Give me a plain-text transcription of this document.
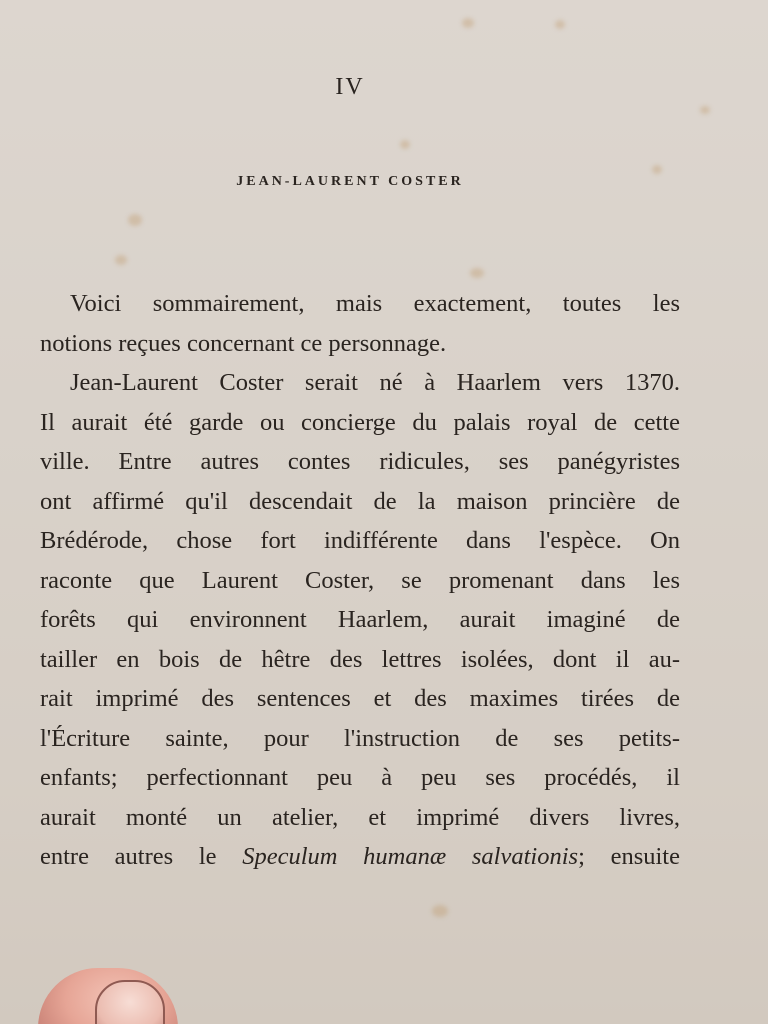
IV
JEAN-LAURENT COSTER
Voici sommairement, mais exactement, toutes les
notions reçues concernant ce personnage.
Jean-Laurent Coster serait né à Haarlem vers 1370.
Il aurait été garde ou concierge du palais royal de cette
ville. Entre autres contes ridicules, ses panégyristes
ont affirmé qu'il descendait de la maison princière de
Brédérode, chose fort indifférente dans l'espèce. On
raconte que Laurent Coster, se promenant dans les
forêts qui environnent Haarlem, aurait imaginé de
tailler en bois de hêtre des lettres isolées, dont il au-
rait imprimé des sentences et des maximes tirées de
l'Écriture sainte, pour l'instruction de ses petits-
enfants; perfectionnant peu à peu ses procédés, il
aurait monté un atelier, et imprimé divers livres,
entre autres le Speculum humanæ salvationis; ensuite
